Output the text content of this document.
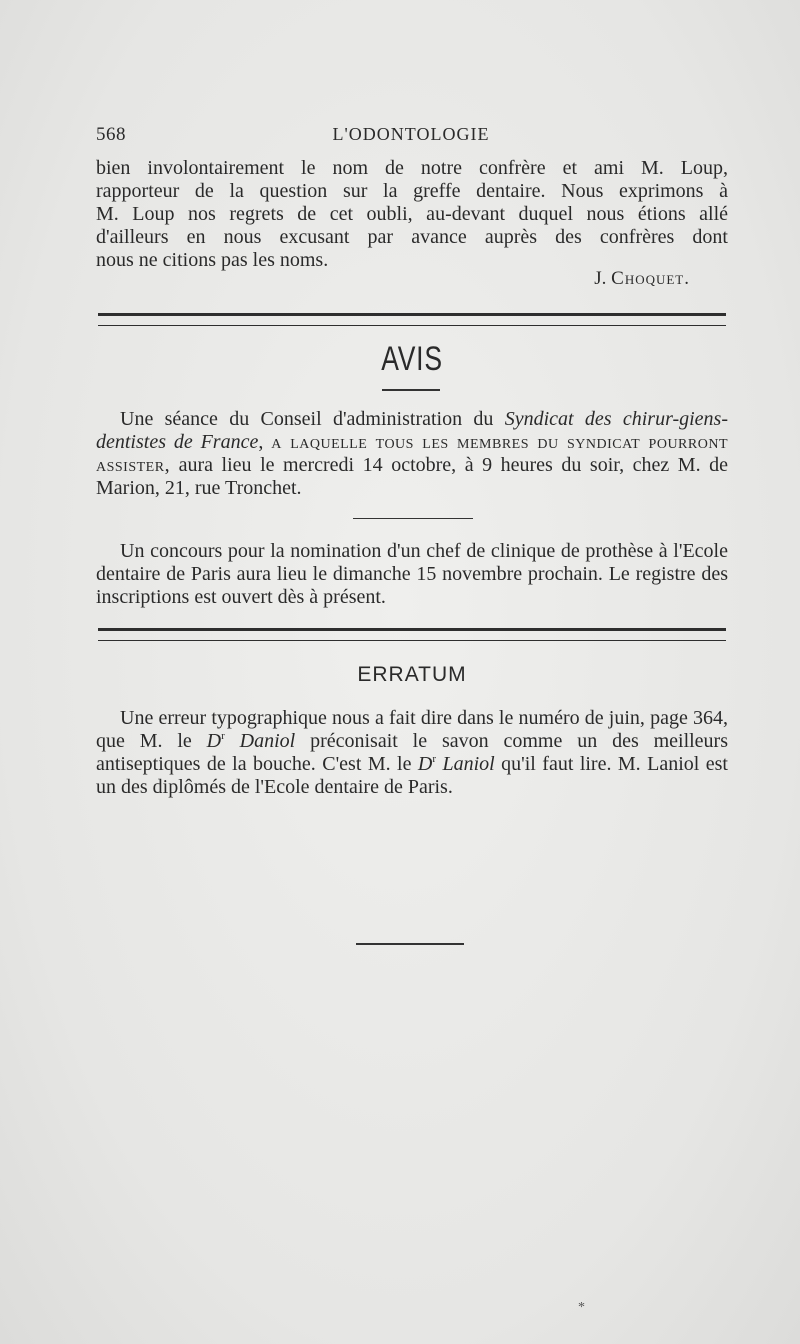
568	L'ODONTOLOGIE

bien involontairement le nom de notre confrère et ami M. Loup,

rapporteur de la question sur la greffe dentaire. Nous exprimons à

M. Loup nos regrets de cet oubli, au-devant duquel nous étions allé

d'ailleurs en nous excusant par avance auprès des confrères dont

nous ne citions pas les noms.

J. Choquet.
AVIS

Une séance du Conseil d'administration du Syndicat des chirur-giens-dentistes de France, a laquelle tous les membres du syndicat pourront assister, aura lieu le mercredi 14 octobre, à 9 heures du soir, chez M. de Marion, 21, rue Tronchet.

Un concours pour la nomination d'un chef de clinique de prothèse à l'Ecole dentaire de Paris aura lieu le dimanche 15 novembre prochain. Le registre des inscriptions est ouvert dès à présent.

ERRATUM

Une erreur typographique nous a fait dire dans le numéro de juin, page 364, que M. le $D^r$ Daniol préconisait le savon comme un des meilleurs antiseptiques de la bouche. C'est M. le $D^r$ Laniol qu'il faut lire. M. Laniol est un des diplômés de l'Ecole dentaire de Paris.

*
